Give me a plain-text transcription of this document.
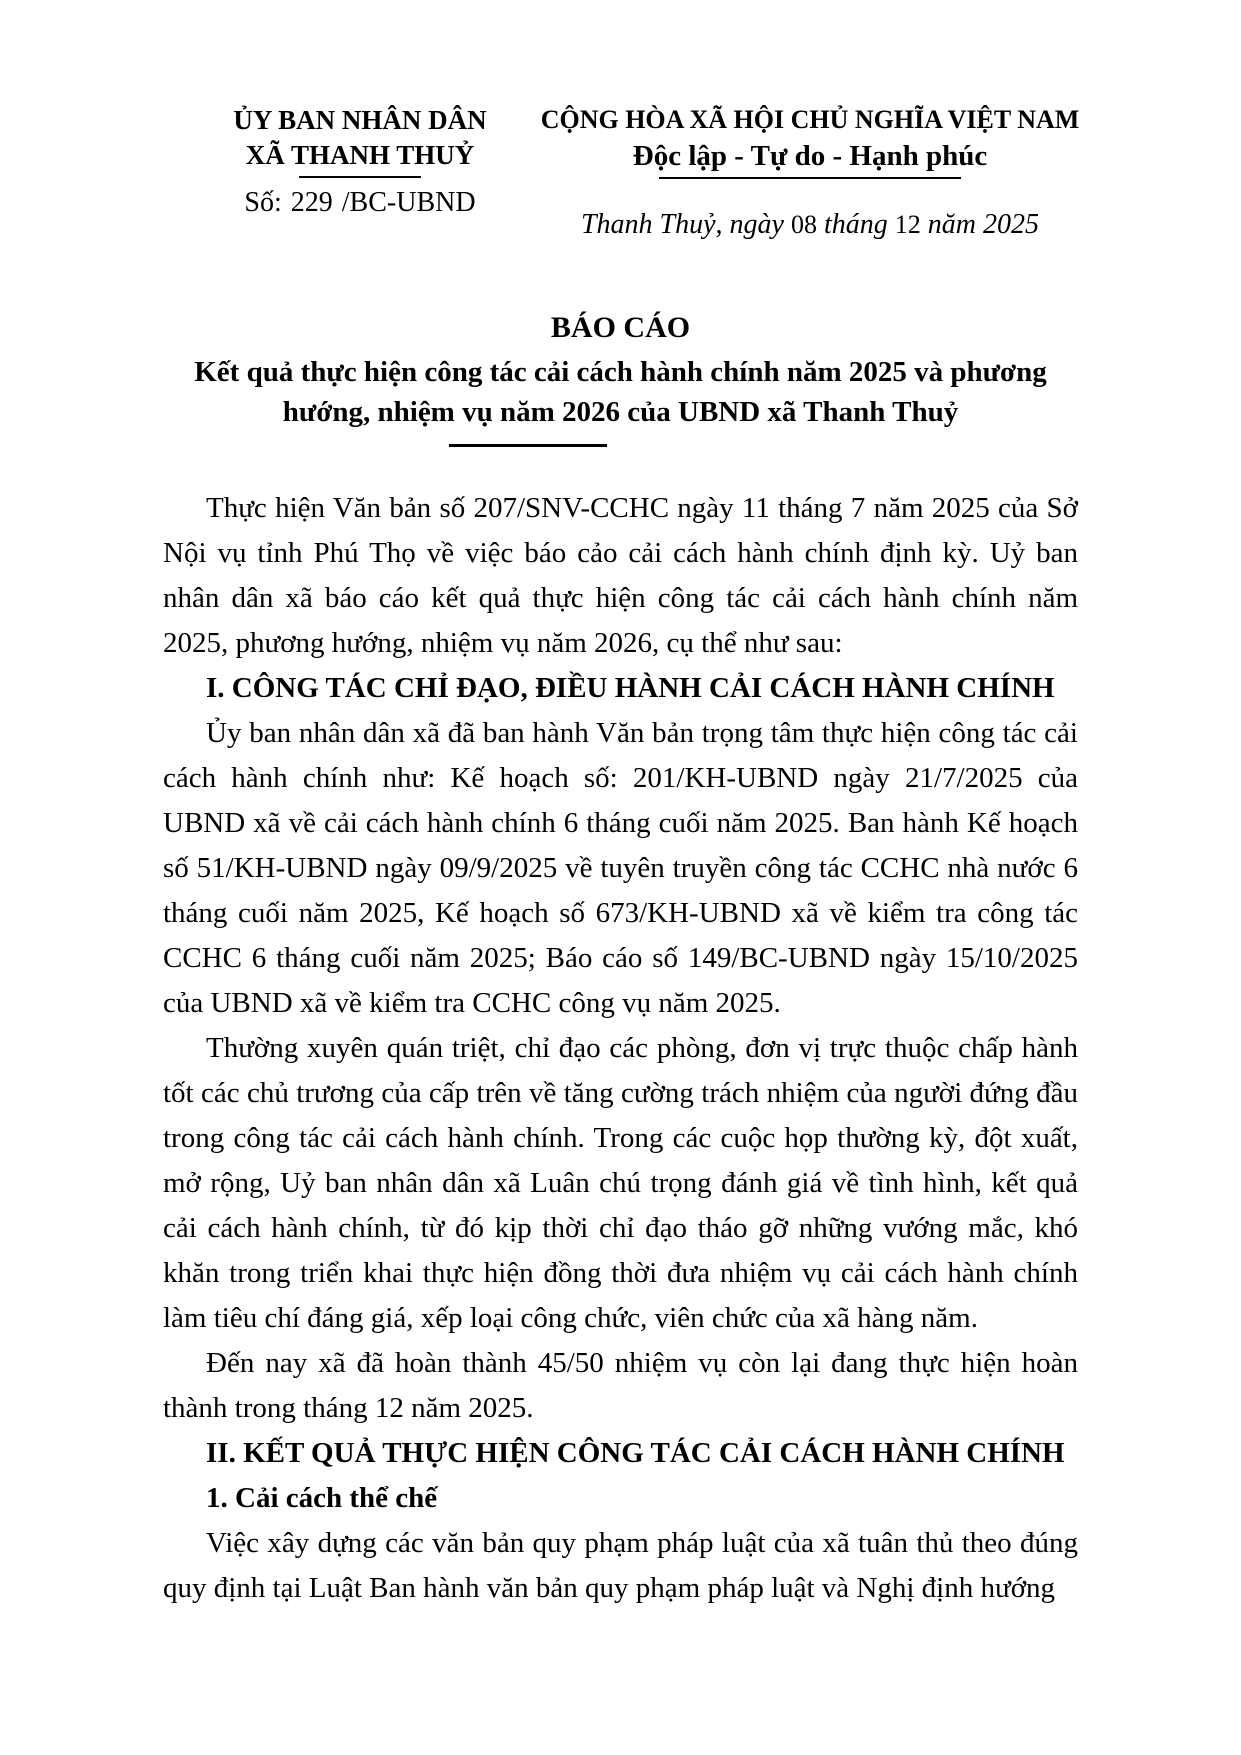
ỦY BAN NHÂN DÂN
XÃ THANH THUỶ
Số: 229 /BC-UBND
CỘNG HÒA XÃ HỘI CHỦ NGHĨA VIỆT NAM
Độc lập - Tự do - Hạnh phúc
Thanh Thuỷ, ngày 08 tháng 12 năm 2025
BÁO CÁO
Kết quả thực hiện công tác cải cách hành chính năm 2025 và phương
hướng, nhiệm vụ năm 2026 của UBND xã Thanh Thuỷ

Thực hiện Văn bản số 207/SNV-CCHC ngày 11 tháng 7 năm 2025 của Sở Nội vụ tỉnh Phú Thọ về việc báo cảo cải cách hành chính định kỳ. Uỷ ban nhân dân xã báo cáo kết quả thực hiện công tác cải cách hành chính năm 2025, phương hướng, nhiệm vụ năm 2026, cụ thể như sau:

I. CÔNG TÁC CHỈ ĐẠO, ĐIỀU HÀNH CẢI CÁCH HÀNH CHÍNH

Ủy ban nhân dân xã đã ban hành Văn bản trọng tâm thực hiện công tác cải cách hành chính như: Kế hoạch số: 201/KH-UBND ngày 21/7/2025 của UBND xã về cải cách hành chính 6 tháng cuối năm 2025. Ban hành Kế hoạch số 51/KH-UBND ngày 09/9/2025 về tuyên truyền công tác CCHC nhà nước 6 tháng cuối năm 2025, Kế hoạch số 673/KH-UBND xã về kiểm tra công tác CCHC 6 tháng cuối năm 2025; Báo cáo số 149/BC-UBND ngày 15/10/2025 của UBND xã về kiểm tra CCHC công vụ năm 2025.

Thường xuyên quán triệt, chỉ đạo các phòng, đơn vị trực thuộc chấp hành tốt các chủ trương của cấp trên về tăng cường trách nhiệm của người đứng đầu trong công tác cải cách hành chính. Trong các cuộc họp thường kỳ, đột xuất, mở rộng, Uỷ ban nhân dân xã Luân chú trọng đánh giá về tình hình, kết quả cải cách hành chính, từ đó kịp thời chỉ đạo tháo gỡ những vướng mắc, khó khăn trong triển khai thực hiện đồng thời đưa nhiệm vụ cải cách hành chính làm tiêu chí đáng giá, xếp loại công chức, viên chức của xã hàng năm.

Đến nay xã đã hoàn thành 45/50 nhiệm vụ còn lại đang thực hiện hoàn thành trong tháng 12 năm 2025.

II. KẾT QUẢ THỰC HIỆN CÔNG TÁC CẢI CÁCH HÀNH CHÍNH

1. Cải cách thể chế

Việc xây dựng các văn bản quy phạm pháp luật của xã tuân thủ theo đúng quy định tại Luật Ban hành văn bản quy phạm pháp luật và Nghị định hướng
